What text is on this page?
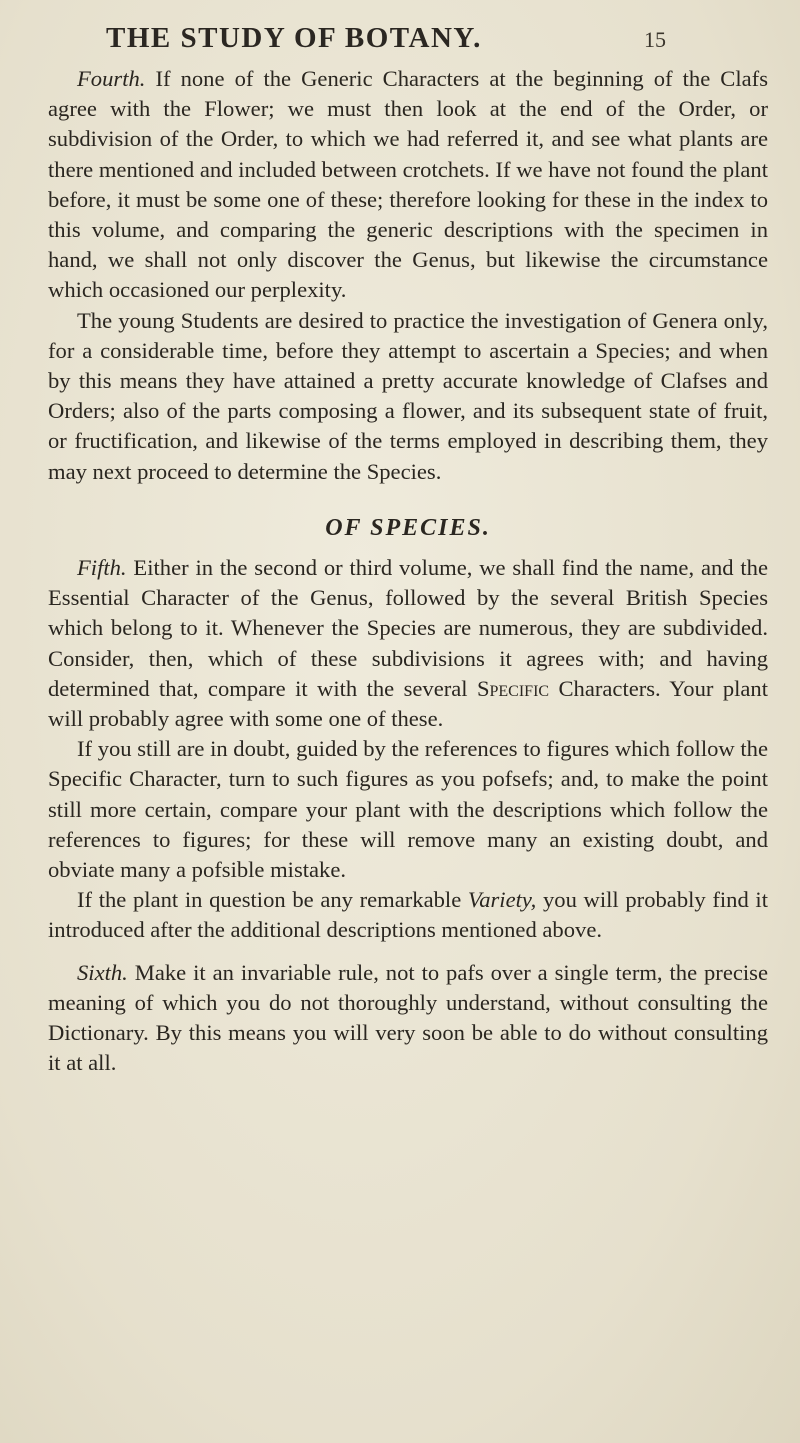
THE STUDY OF BOTANY.	15

Fourth. If none of the Generic Characters at the beginning of the Clafs agree with the Flower; we must then look at the end of the Order, or subdivision of the Order, to which we had referred it, and see what plants are there mentioned and included between crotchets. If we have not found the plant before, it must be some one of these; therefore looking for these in the index to this volume, and comparing the generic descriptions with the specimen in hand, we shall not only discover the Genus, but likewise the circumstance which occasioned our perplexity.

The young Students are desired to practice the investigation of Genera only, for a considerable time, before they attempt to ascertain a Species; and when by this means they have attained a pretty accurate knowledge of Clafses and Orders; also of the parts composing a flower, and its subsequent state of fruit, or fructification, and likewise of the terms employed in describing them, they may next proceed to determine the Species.

OF SPECIES.

Fifth. Either in the second or third volume, we shall find the name, and the Essential Character of the Genus, followed by the several British Species which belong to it. Whenever the Species are numerous, they are subdivided. Consider, then, which of these subdivisions it agrees with; and having determined that, compare it with the several Specific Characters. Your plant will probably agree with some one of these.

If you still are in doubt, guided by the references to figures which follow the Specific Character, turn to such figures as you pofsefs; and, to make the point still more certain, compare your plant with the descriptions which follow the references to figures; for these will remove many an existing doubt, and obviate many a pofsible mistake.

If the plant in question be any remarkable Variety, you will probably find it introduced after the additional descriptions mentioned above.

Sixth. Make it an invariable rule, not to pafs over a single term, the precise meaning of which you do not thoroughly understand, without consulting the Dictionary. By this means you will very soon be able to do without consulting it at all.
